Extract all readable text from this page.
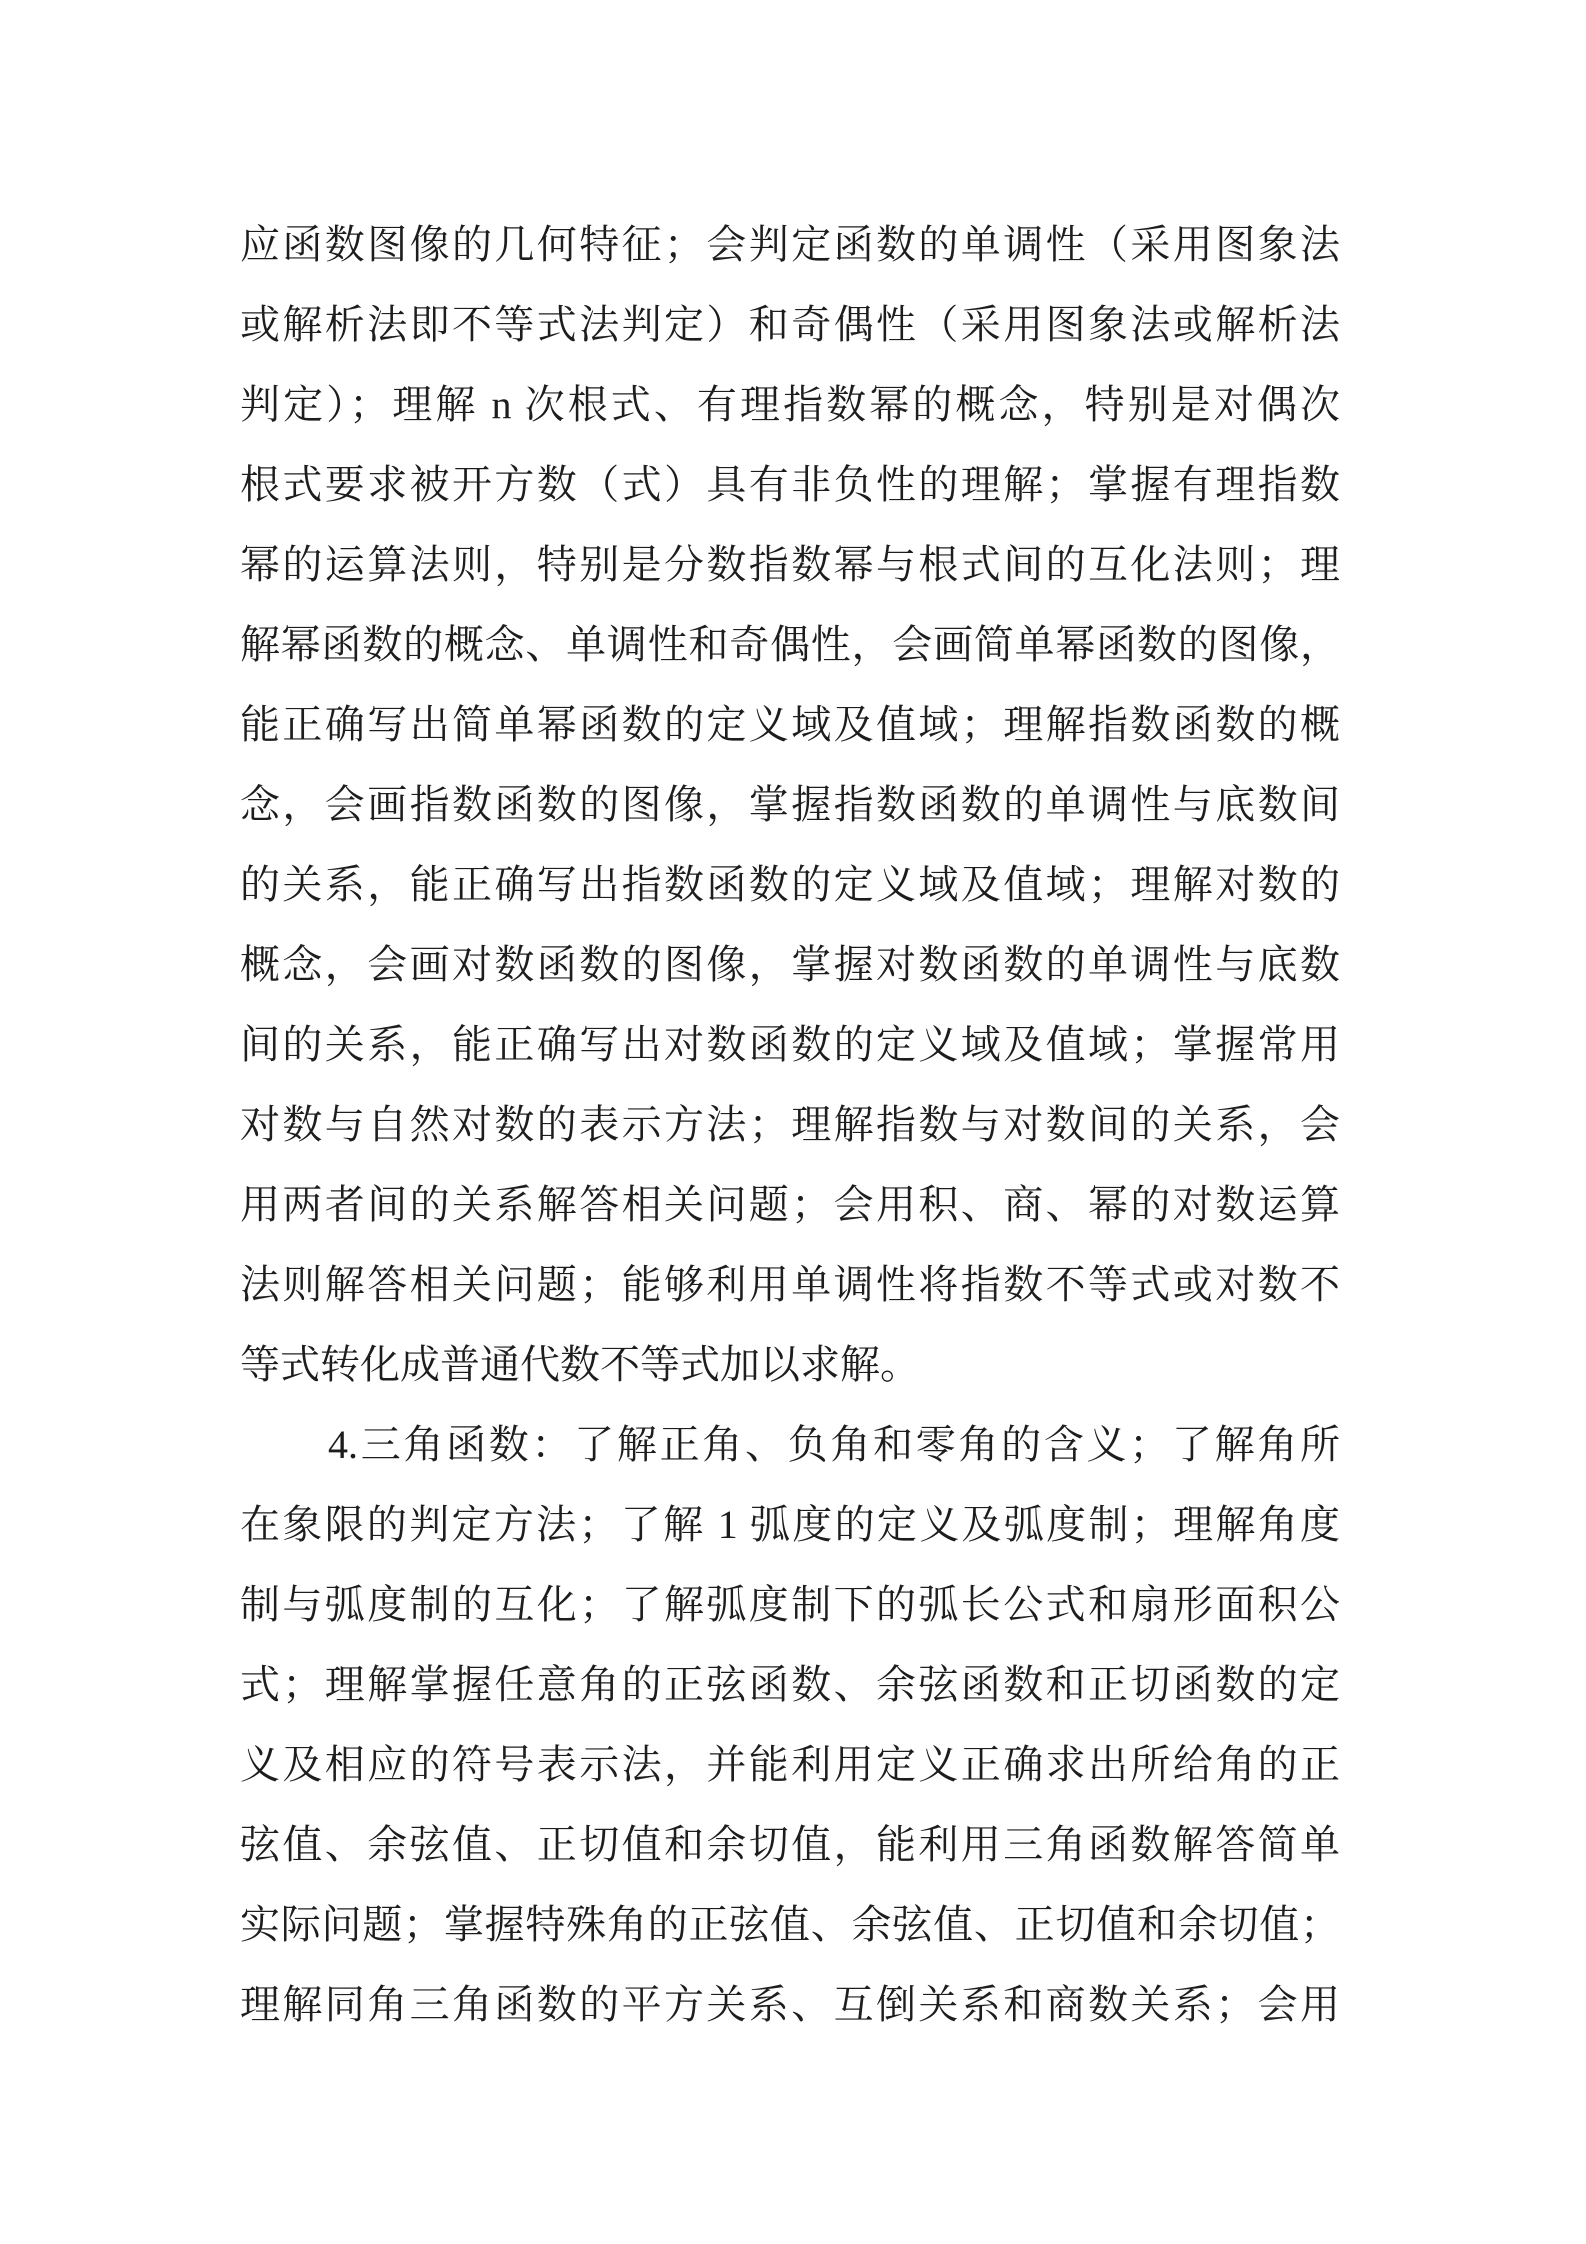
应函数图像的几何特征；会判定函数的单调性（采用图象法
或解析法即不等式法判定）和奇偶性（采用图象法或解析法
判定）；理解 n 次根式、有理指数幂的概念，特别是对偶次
根式要求被开方数（式）具有非负性的理解；掌握有理指数
幂的运算法则，特别是分数指数幂与根式间的互化法则；理
解幂函数的概念、单调性和奇偶性，会画简单幂函数的图像，
能正确写出简单幂函数的定义域及值域；理解指数函数的概
念，会画指数函数的图像，掌握指数函数的单调性与底数间
的关系，能正确写出指数函数的定义域及值域；理解对数的
概念，会画对数函数的图像，掌握对数函数的单调性与底数
间的关系，能正确写出对数函数的定义域及值域；掌握常用
对数与自然对数的表示方法；理解指数与对数间的关系，会
用两者间的关系解答相关问题；会用积、商、幂的对数运算
法则解答相关问题；能够利用单调性将指数不等式或对数不
等式转化成普通代数不等式加以求解。
4.三角函数：了解正角、负角和零角的含义；了解角所
在象限的判定方法；了解 1 弧度的定义及弧度制；理解角度
制与弧度制的互化；了解弧度制下的弧长公式和扇形面积公
式；理解掌握任意角的正弦函数、余弦函数和正切函数的定
义及相应的符号表示法，并能利用定义正确求出所给角的正
弦值、余弦值、正切值和余切值，能利用三角函数解答简单
实际问题；掌握特殊角的正弦值、余弦值、正切值和余切值；
理解同角三角函数的平方关系、互倒关系和商数关系；会用
